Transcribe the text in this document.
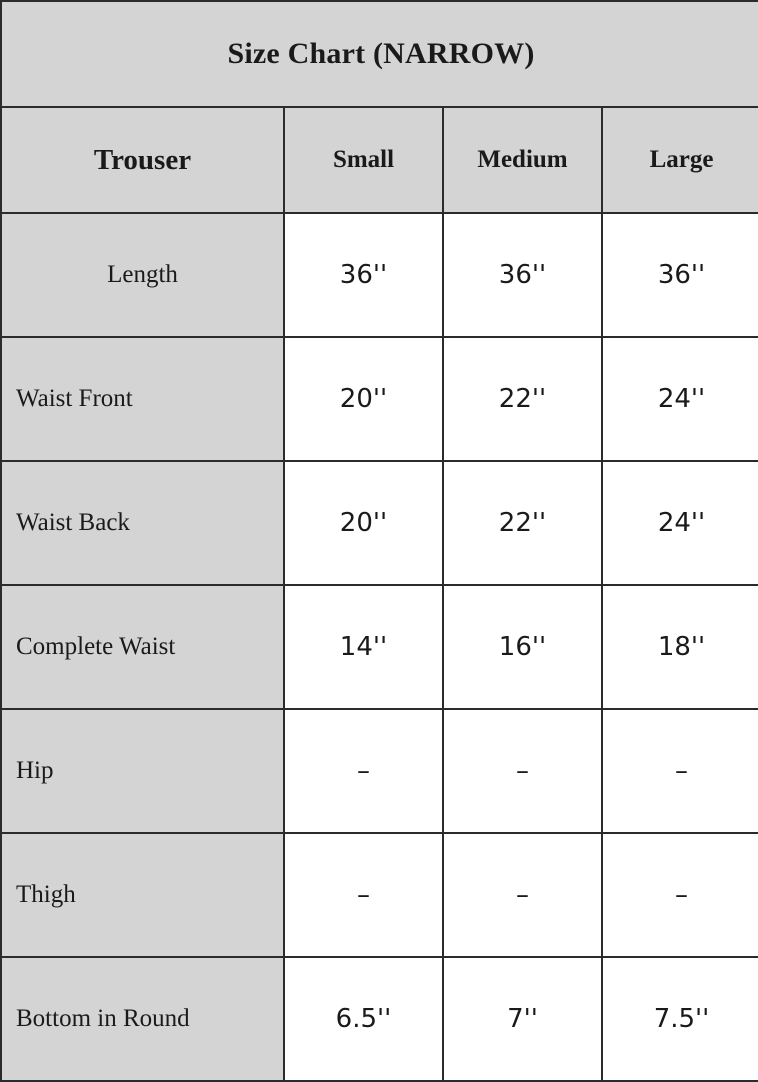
Size Chart (NARROW)			
Trouser	Small	Medium	Large
Length	36''	36''	36''
Waist Front	20''	22''	24''
Waist Back	20''	22''	24''
Complete Waist	14''	16''	18''
Hip	–	–	–
Thigh	–	–	–
Bottom in Round	6.5''	7''	7.5''
